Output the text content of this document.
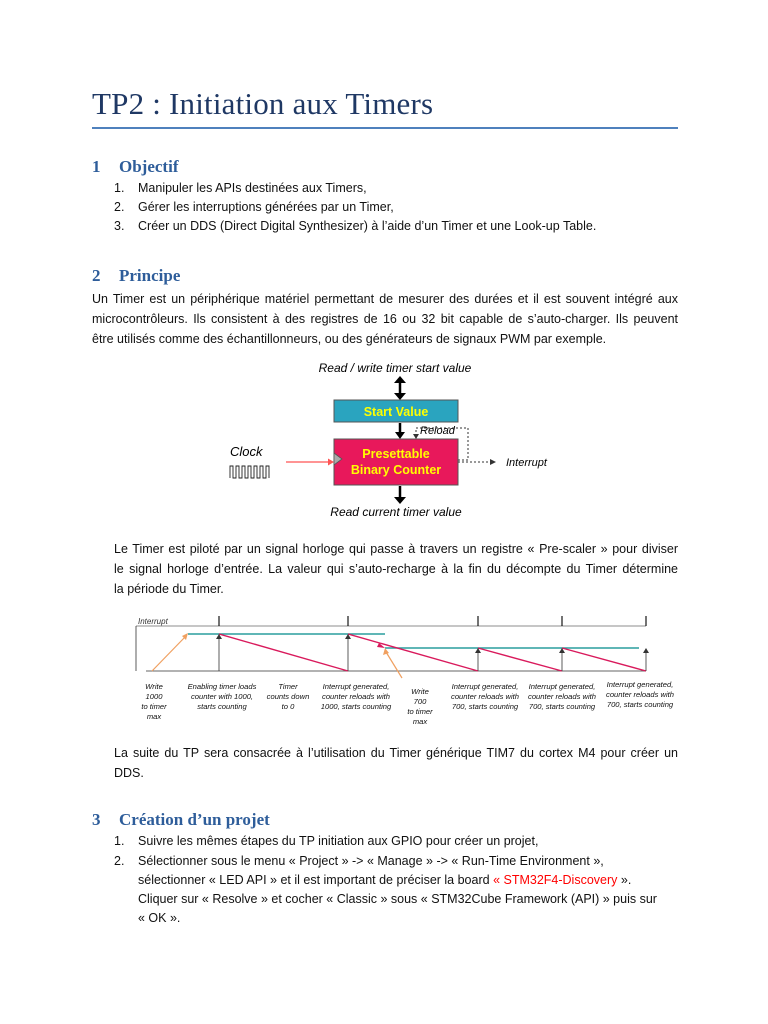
TP2 : Initiation aux Timers
1 Objectif
1. Manipuler les APIs destinées aux Timers,
2. Gérer les interruptions générées par un Timer,
3. Créer un DDS (Direct Digital Synthesizer) à l’aide d’un Timer et une Look-up Table.
2 Principe
Un Timer est un périphérique matériel permettant de mesurer des durées et il est souvent intégré aux
microcontrôleurs. Ils consistent à des registres de 16 ou 32 bit capable de s’auto-charger. Ils peuvent
être utilisés comme des échantillonneurs, ou des générateurs de signaux PWM par exemple.
Read / write timer start value
Start Value
Presettable
Binary Counter
Reload
Interrupt
Clock
Read current timer value
Le Timer est piloté par un signal horloge qui passe à travers un registre « Pre-scaler » pour diviser
le signal horloge d’entrée. La valeur qui s’auto-recharge à la fin du décompte du Timer détermine
la période du Timer.
Interrupt
Write
1000
to timer
max
Enabling timer loads
counter with 1000,
starts counting
Timer
counts down
to 0
Interrupt generated,
counter reloads with
1000, starts counting
Write
700
to timer
max
Interrupt generated,
counter reloads with
700, starts counting
Interrupt generated,
counter reloads with
700, starts counting
Interrupt generated,
counter reloads with
700, starts counting
La suite du TP sera consacrée à l’utilisation du Timer générique TIM7 du cortex M4 pour créer un
DDS.
3 Création d’un projet
1. Suivre les mêmes étapes du TP initiation aux GPIO pour créer un projet,
2. Sélectionner sous le menu « Project » -> « Manage » -> « Run-Time Environment »,
sélectionner « LED API » et il est important de préciser la board « STM32F4-Discovery ».
Cliquer sur « Resolve » et cocher « Classic » sous « STM32Cube Framework (API) » puis sur
« OK ».
